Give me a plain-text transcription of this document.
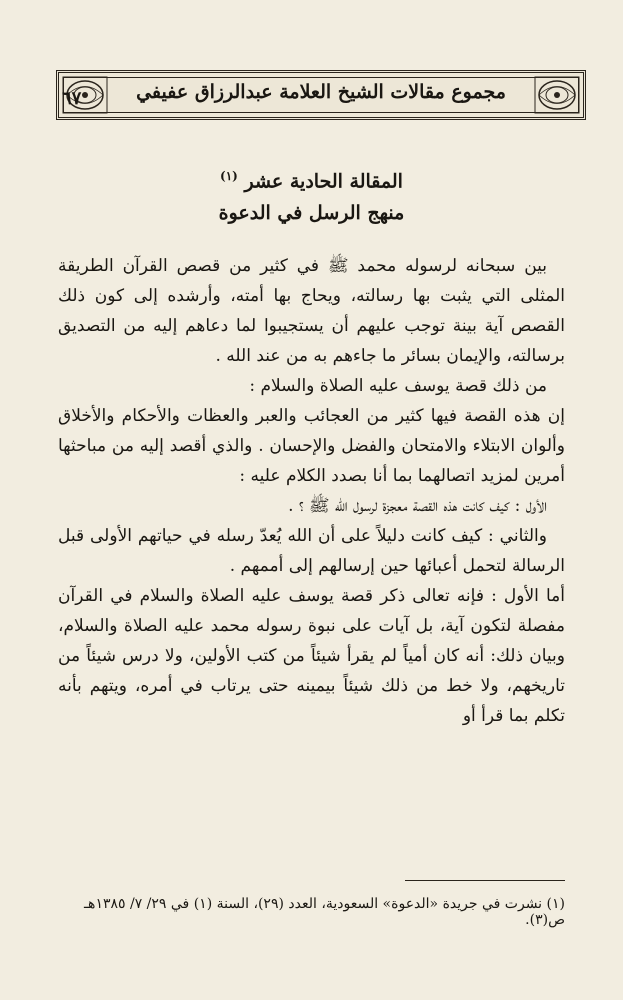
مجموع مقالات الشيخ العلامة عبدالرزاق عفيفي
٦٧
المقالة الحادية عشر $^{(١)}$
منهج الرسل في الدعوة

بين سبحانه لرسوله محمد ﷺ في كثير من قصص القرآن الطريقة المثلى التي يثبت بها رسالته، ويحاج بها أمته، وأرشده إلى كون ذلك القصص آية بينة توجب عليهم أن يستجيبوا لما دعاهم إليه من التصديق برسالته، والإيمان بسائر ما جاءهم به من عند الله .

من ذلك قصة يوسف عليه الصلاة والسلام :

إن هذه القصة فيها كثير من العجائب والعبر والعظات والأحكام والأخلاق وألوان الابتلاء والامتحان والفضل والإحسان . والذي أقصد إليه من مباحثها أمرين لمزيد اتصالهما بما أنا بصدد الكلام عليه :

الأول : كيف كانت هذه القصة معجزة لرسول الله ﷺ ؟ .

والثاني : كيف كانت دليلاً على أن الله يُعدّ رسله في حياتهم الأولى قبل الرسالة لتحمل أعبائها حين إرسالهم إلى أممهم .

أما الأول : فإنه تعالى ذكر قصة يوسف عليه الصلاة والسلام في القرآن مفصلة لتكون آية، بل آيات على نبوة رسوله محمد عليه الصلاة والسلام، وبيان ذلك: أنه كان أمياً لم يقرأ شيئاً من كتب الأولين، ولا درس شيئاً من تاريخهم، ولا خط من ذلك شيئاً بيمينه حتى يرتاب في أمره، ويتهم بأنه تكلم بما قرأ أو

(١) نشرت في جريدة «الدعوة» السعودية، العدد (٢٩)، السنة (١) في ٢٩/ ٧/ ١٣٨٥هـ ص(٣).
